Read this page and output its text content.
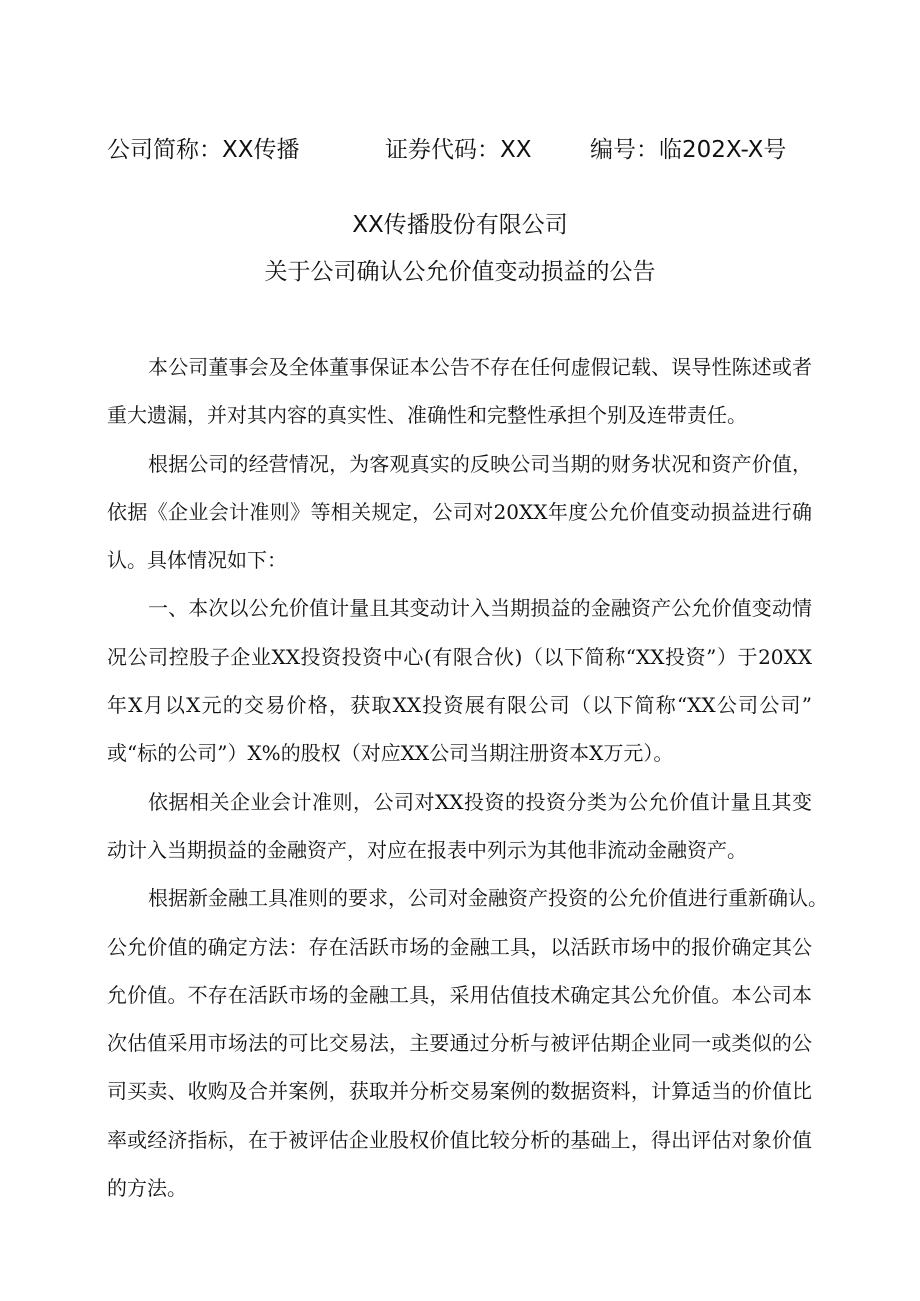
公司简称：XX传播	证券代码：XX	编号：临202X-X号
XX传播股份有限公司
关于公司确认公允价值变动损益的公告
本公司董事会及全体董事保证本公告不存在任何虚假记载、误导性陈述或者
重大遗漏，并对其内容的真实性、准确性和完整性承担个别及连带责任。
根据公司的经营情况，为客观真实的反映公司当期的财务状况和资产价值，
依据《企业会计准则》等相关规定，公司对20XX年度公允价值变动损益进行确
认。具体情况如下：
一、本次以公允价值计量且其变动计入当期损益的金融资产公允价值变动情
况公司控股子企业XX投资投资中心(有限合伙)（以下简称“XX投资”）于20XX
年X月以X元的交易价格，获取XX投资展有限公司（以下简称“XX公司公司”
或“标的公司”）X%的股权（对应XX公司当期注册资本X万元）。
依据相关企业会计准则，公司对XX投资的投资分类为公允价值计量且其变
动计入当期损益的金融资产，对应在报表中列示为其他非流动金融资产。
根据新金融工具准则的要求，公司对金融资产投资的公允价值进行重新确认。
公允价值的确定方法：存在活跃市场的金融工具，以活跃市场中的报价确定其公
允价值。不存在活跃市场的金融工具，采用估值技术确定其公允价值。本公司本
次估值采用市场法的可比交易法，主要通过分析与被评估期企业同一或类似的公
司买卖、收购及合并案例，获取并分析交易案例的数据资料，计算适当的价值比
率或经济指标，在于被评估企业股权价值比较分析的基础上，得出评估对象价值
的方法。
